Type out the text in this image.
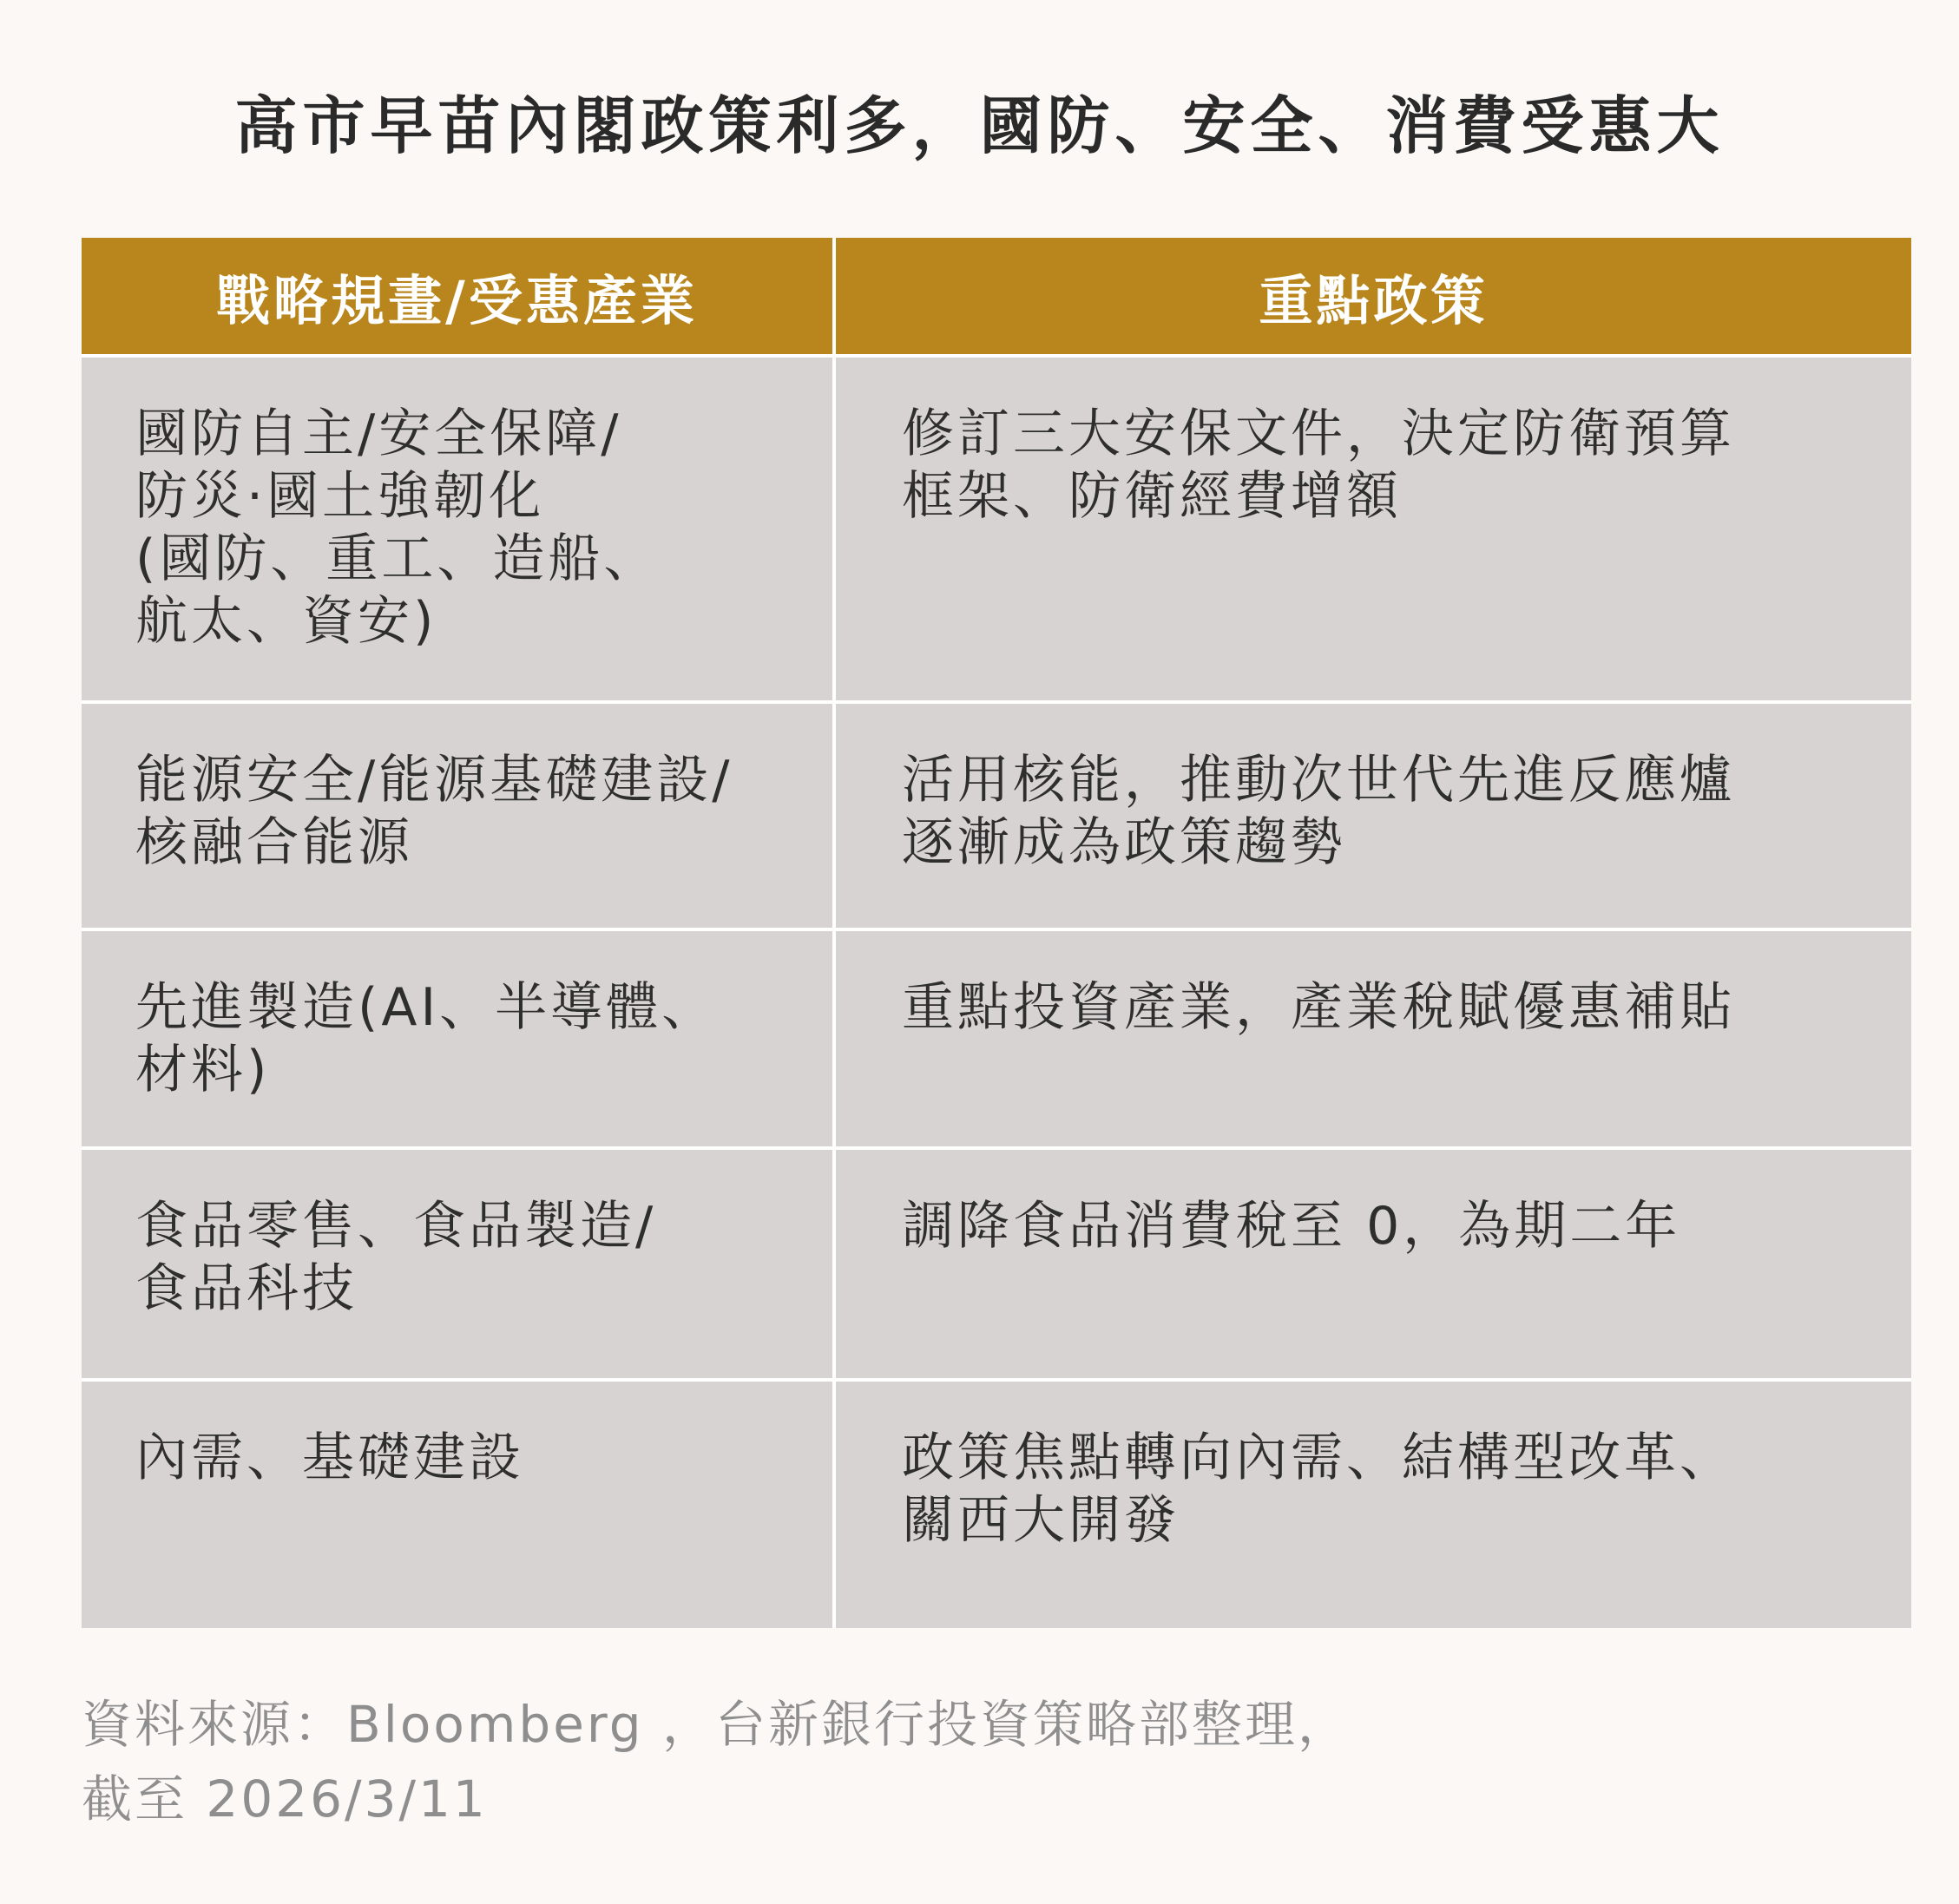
高市早苗內閣政策利多，國防、安全、消費受惠大
戰略規畫/受惠產業	重點政策
國防自主/安全保障/
防災·國土強韌化
(國防、重工、造船、
航太、資安)
修訂三大安保文件，決定防衛預算
框架、防衛經費增額
能源安全/能源基礎建設/
核融合能源
活用核能，推動次世代先進反應爐
逐漸成為政策趨勢
先進製造(AI、半導體、
材料)
重點投資產業，產業稅賦優惠補貼
食品零售、食品製造/
食品科技
調降食品消費稅至 0，為期二年
內需、基礎建設	政策焦點轉向內需、結構型改革、
關西大開發
資料來源：Bloomberg ，台新銀行投資策略部整理，
截至 2026/3/11
